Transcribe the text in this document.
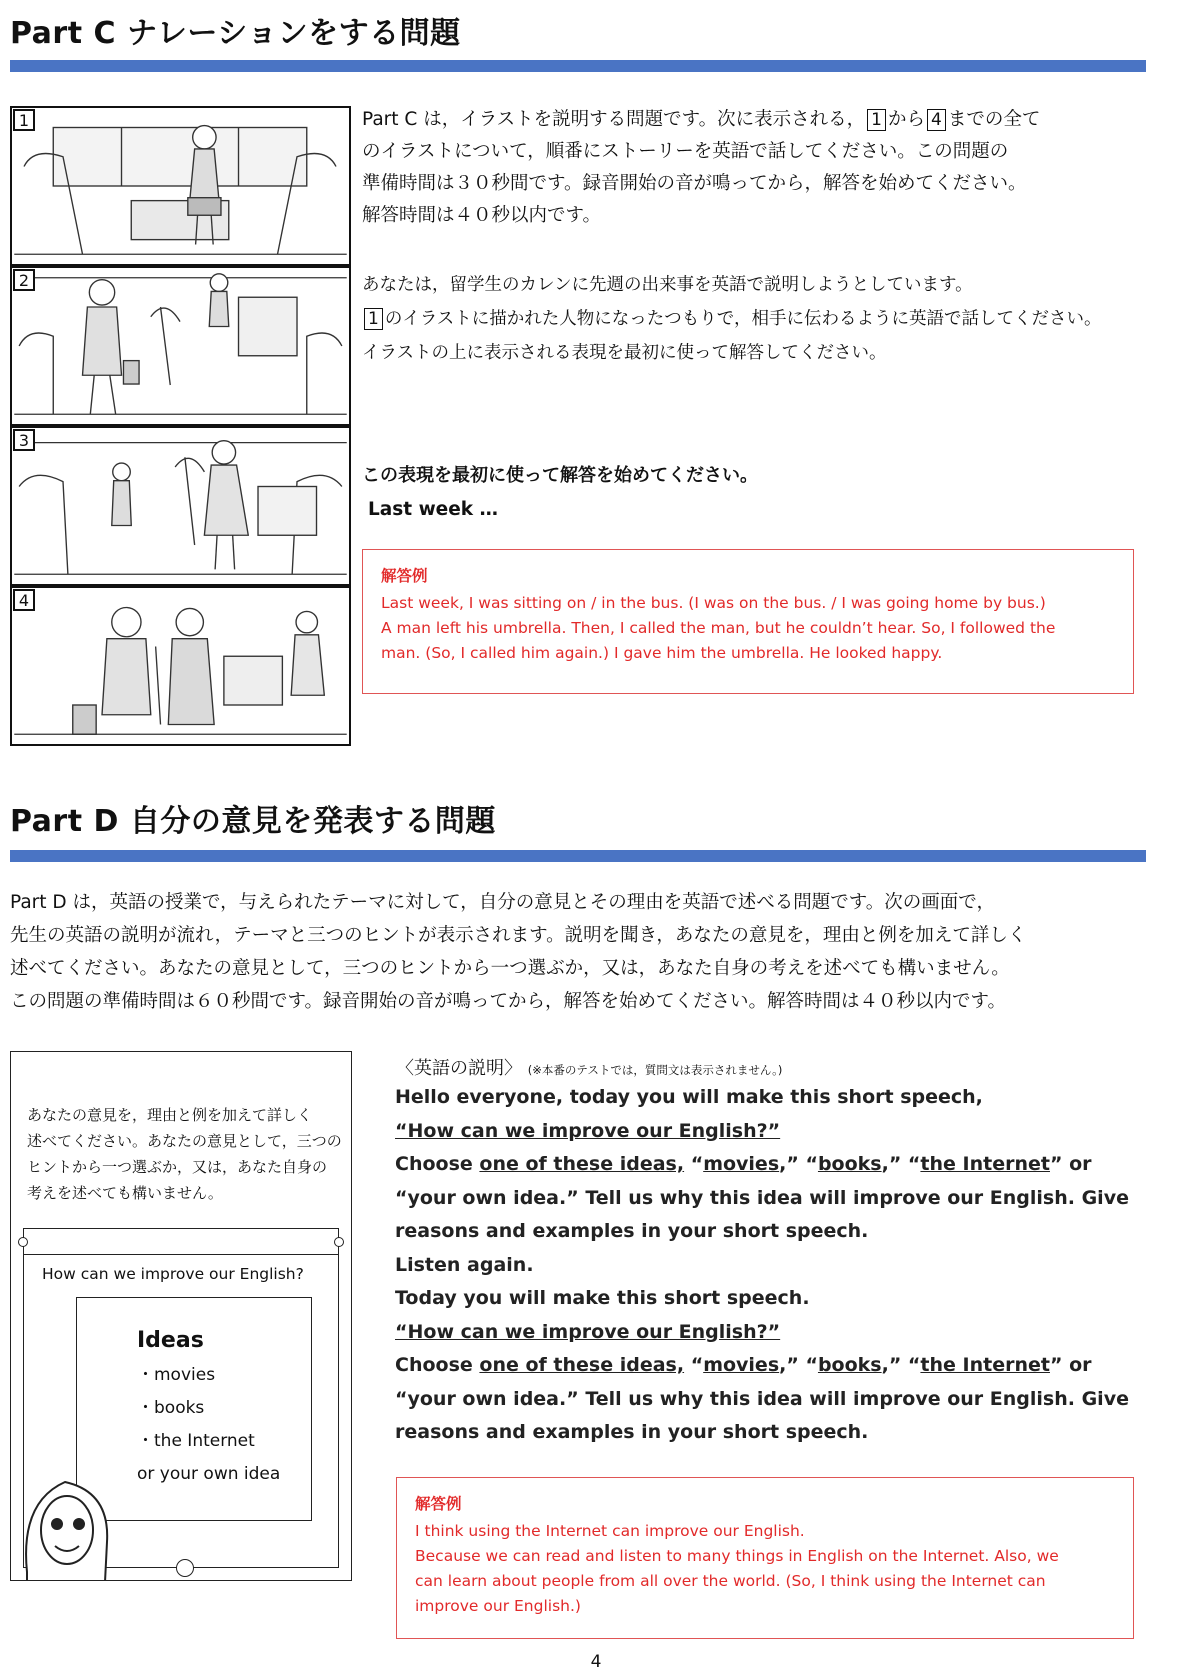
Part C ナレーションをする問題
1
2
3
4
Part C は，イラストを説明する問題です。次に表示される， 1 から 4 までの全て
のイラストについて，順番にストーリーを英語で話してください。この問題の
準備時間は３０秒間です。録音開始の音が鳴ってから，解答を始めてください。
解答時間は４０秒以内です。
あなたは，留学生のカレンに先週の出来事を英語で説明しようとしています。
1 のイラストに描かれた人物になったつもりで，相手に伝わるように英語で話してください。
イラストの上に表示される表現を最初に使って解答してください。
この表現を最初に使って解答を始めてください。
Last week …
解答例
Last week, I was sitting on / in the bus. (I was on the bus. / I was going home by bus.)
A man left his umbrella. Then, I called the man, but he couldn’t hear. So, I followed the
man. (So, I called him again.) I gave him the umbrella. He looked happy.
Part D 自分の意見を発表する問題
Part D は，英語の授業で，与えられたテーマに対して，自分の意見とその理由を英語で述べる問題です。次の画面で，
先生の英語の説明が流れ，テーマと三つのヒントが表示されます。説明を聞き，あなたの意見を，理由と例を加えて詳しく
述べてください。あなたの意見として，三つのヒントから一つ選ぶか，又は，あなた自身の考えを述べても構いません。
この問題の準備時間は６０秒間です。録音開始の音が鳴ってから，解答を始めてください。解答時間は４０秒以内です。
あなたの意見を，理由と例を加えて詳しく
述べてください。あなたの意見として，三つの
ヒントから一つ選ぶか，又は，あなた自身の
考えを述べても構いません。
How can we improve our English?
Ideas
・movies
・books
・the Internet
or your own idea
〈英語の説明〉 (※本番のテストでは，質問文は表示されません。)
Hello everyone, today you will make this short speech,
“How can we improve our English?”
Choose one of these ideas, “movies,” “books,” “the Internet” or
“your own idea.” Tell us why this idea will improve our English. Give
reasons and examples in your short speech.
Listen again.
Today you will make this short speech.
“How can we improve our English?”
Choose one of these ideas, “movies,” “books,” “the Internet” or
“your own idea.” Tell us why this idea will improve our English. Give
reasons and examples in your short speech.
解答例
I think using the Internet can improve our English.
Because we can read and listen to many things in English on the Internet. Also, we
can learn about people from all over the world. (So, I think using the Internet can
improve our English.)
4
